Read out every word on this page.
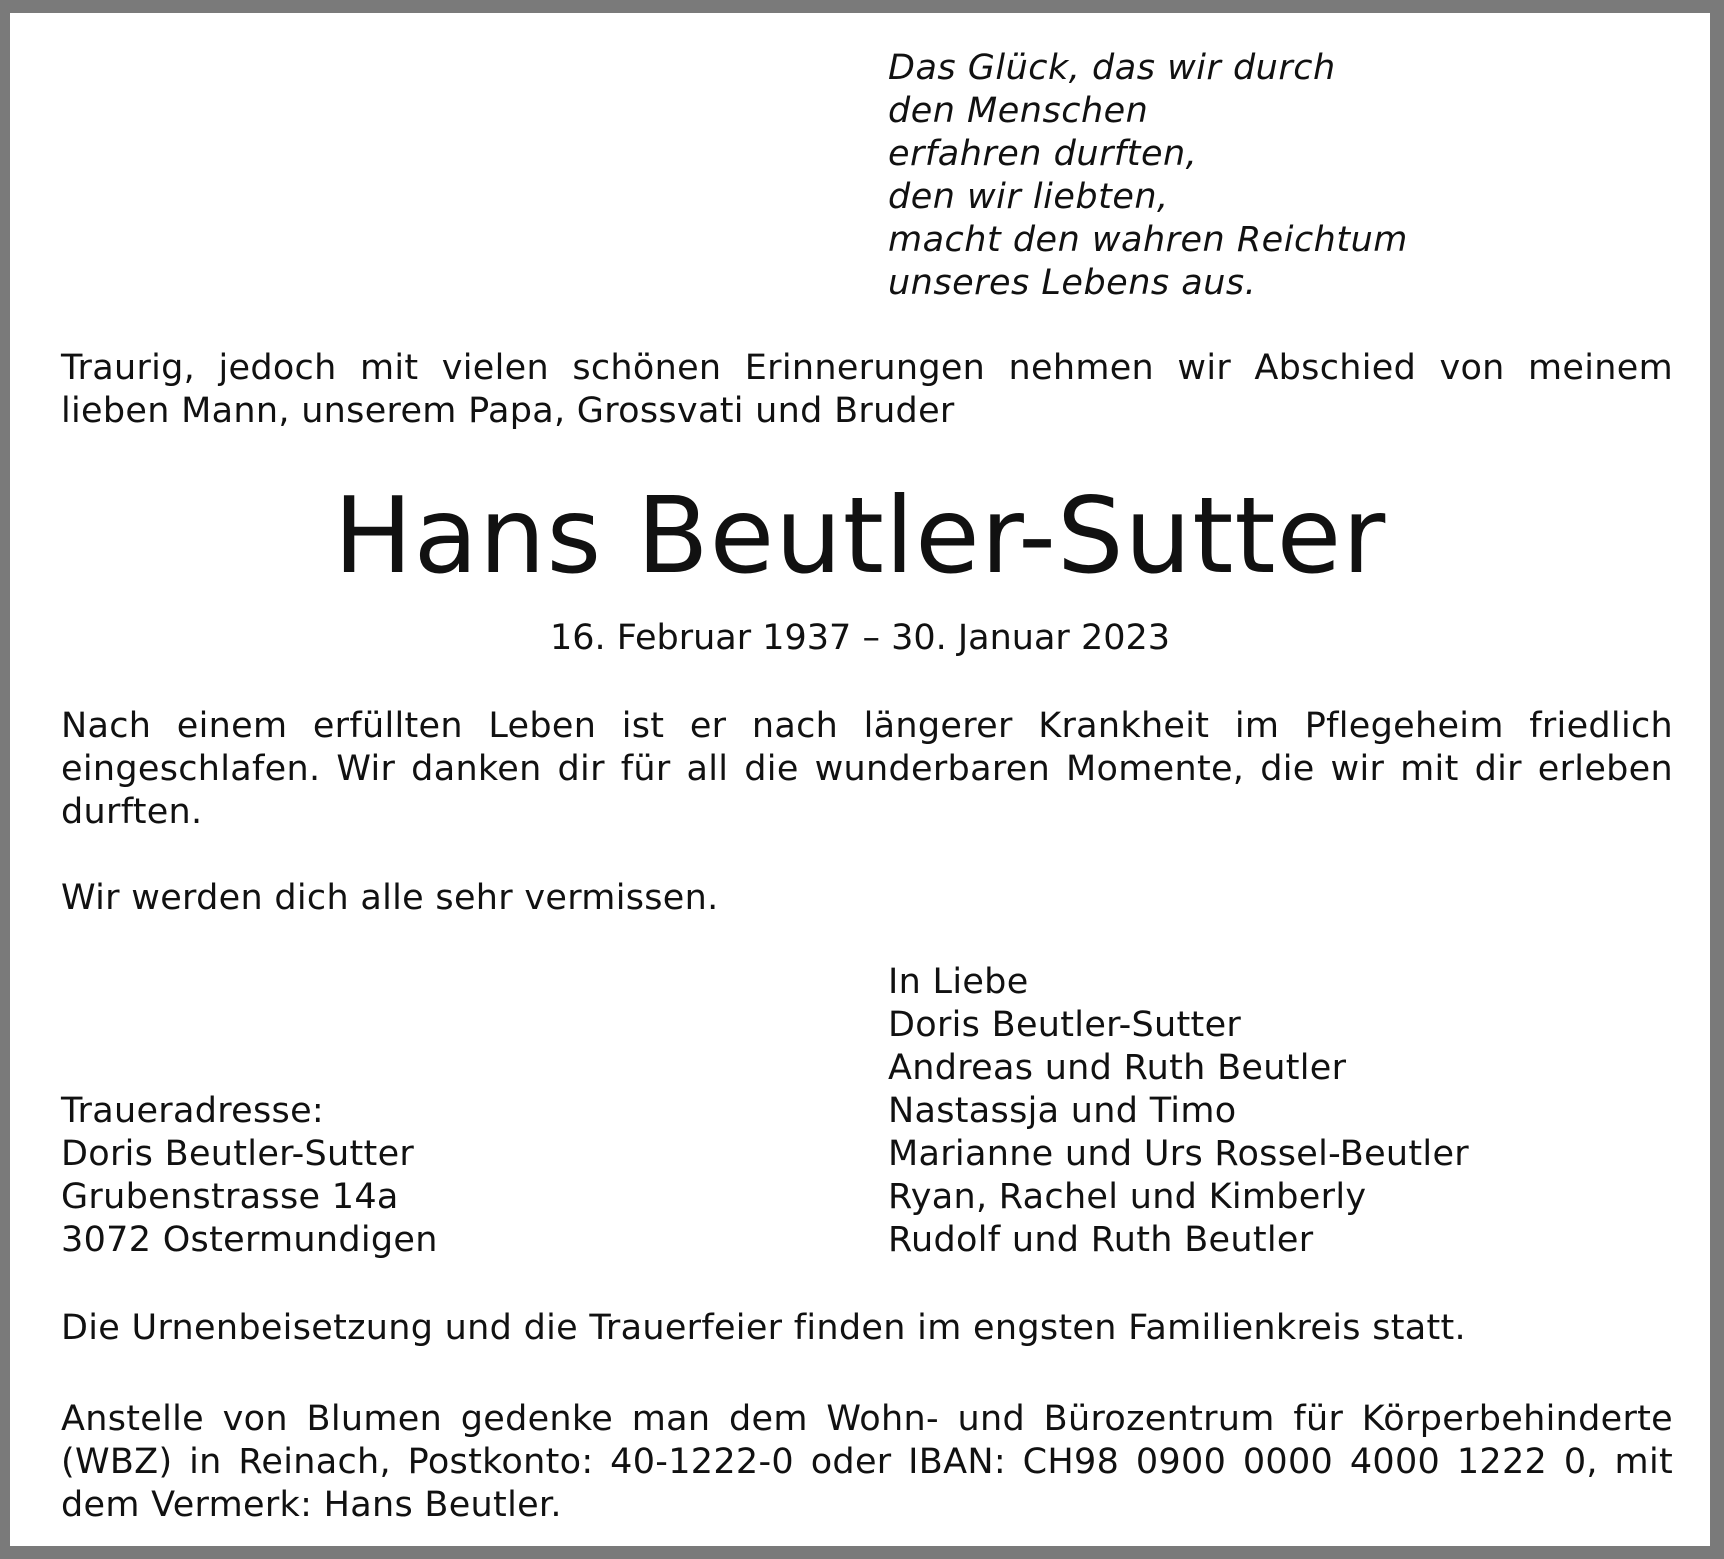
Das Glück, das wir durch
den Menschen
erfahren durften,
den wir liebten,
macht den wahren Reichtum
unseres Lebens aus.

Traurig, jedoch mit vielen schönen Erinnerungen nehmen wir Abschied von meinem lieben Mann, unserem Papa, Grossvati und Bruder

Hans Beutler-Sutter

16. Februar 1937 – 30. Januar 2023

Nach einem erfüllten Leben ist er nach längerer Krankheit im Pflegeheim friedlich eingeschlafen. Wir danken dir für all die wunderbaren Momente, die wir mit dir erleben durften.

Wir werden dich alle sehr vermissen.

In Liebe
Doris Beutler-Sutter
Andreas und Ruth Beutler
Nastassja und Timo
Marianne und Urs Rossel-Beutler
Ryan, Rachel und Kimberly
Rudolf und Ruth Beutler

Traueradresse:
Doris Beutler-Sutter
Grubenstrasse 14a
3072 Ostermundigen

Die Urnenbeisetzung und die Trauerfeier finden im engsten Familienkreis statt.

Anstelle von Blumen gedenke man dem Wohn- und Bürozentrum für Körperbehinderte (WBZ) in Reinach, Postkonto: 40-1222-0 oder IBAN: CH98 0900 0000 4000 1222 0, mit dem Vermerk: Hans Beutler.
